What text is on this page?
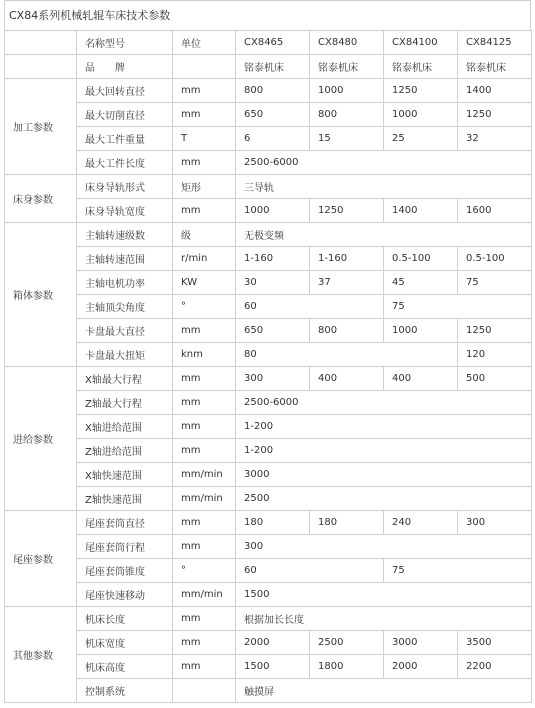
CX84系列机械轧辊车床技术参数
	名称型号	单位	CX8465	CX8480	CX84100	CX84125
	品　　牌		铭泰机床	铭泰机床	铭泰机床	铭泰机床
加工参数	最大回转直径	mm	800	1000	1250	1400
	最大切削直径	mm	650	800	1000	1250
	最大工件重量	T	6	15	25	32
	最大工件长度	mm	2500-6000			
床身参数	床身导轨形式	矩形	三导轨			
	床身导轨宽度	mm	1000	1250	1400	1600
箱体参数	主轴转速级数	级	无极变频			
	主轴转速范围	r/min	1-160	1-160	0.5-100	0.5-100
	主轴电机功率	KW	30	37	45	75
	主轴顶尖角度	°	60		75	
	卡盘最大直径	mm	650	800	1000	1250
	卡盘最大扭矩	knm	80			120
进给参数	X轴最大行程	mm	300	400	400	500
	Z轴最大行程	mm	2500-6000			
	X轴进给范围	mm	1-200			
	Z轴进给范围	mm	1-200			
	X轴快速范围	mm/min	3000			
	Z轴快速范围	mm/min	2500			
尾座参数	尾座套筒直径	mm	180	180	240	300
	尾座套筒行程	mm	300			
	尾座套筒锥度	°	60		75	
	尾座快速移动	mm/min	1500			
其他参数	机床长度	mm	根据加长长度			
	机床宽度	mm	2000	2500	3000	3500
	机床高度	mm	1500	1800	2000	2200
	控制系统		触摸屏			
